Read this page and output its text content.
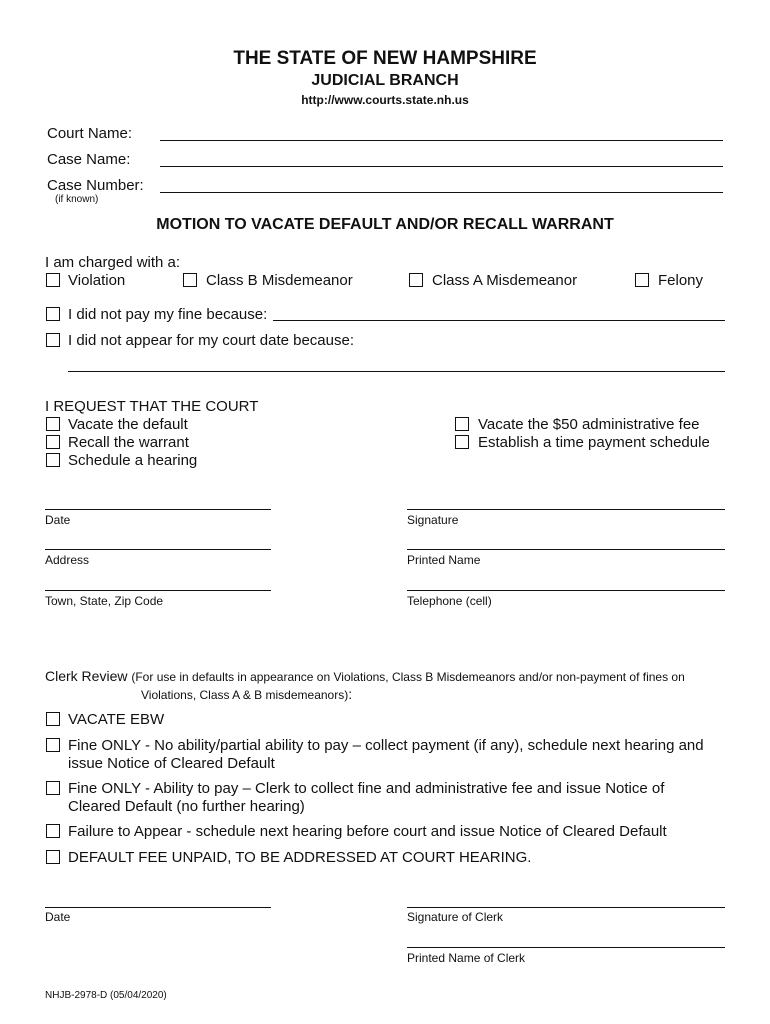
THE STATE OF NEW HAMPSHIRE
JUDICIAL BRANCH
http://www.courts.state.nh.us
Court Name:
Case Name:
Case Number:
(if known)
MOTION TO VACATE DEFAULT AND/OR RECALL WARRANT
I am charged with a:
Violation	Class B Misdemeanor	Class A Misdemeanor	Felony
I did not pay my fine because:
I did not appear for my court date because:
I REQUEST THAT THE COURT
Vacate the default
Recall the warrant
Schedule a hearing
Vacate the $50 administrative fee
Establish a time payment schedule
Date	Signature
Address	Printed Name
Town, State, Zip Code	Telephone (cell)
Clerk Review (For use in defaults in appearance on Violations, Class B Misdemeanors and/or non-payment of fines on
Violations, Class A & B misdemeanors):
VACATE EBW
Fine ONLY - No ability/partial ability to pay – collect payment (if any), schedule next hearing and
issue Notice of Cleared Default
Fine ONLY - Ability to pay – Clerk to collect fine and administrative fee and issue Notice of
Cleared Default (no further hearing)
Failure to Appear - schedule next hearing before court and issue Notice of Cleared Default
DEFAULT FEE UNPAID, TO BE ADDRESSED AT COURT HEARING.
Date	Signature of Clerk
Printed Name of Clerk
NHJB-2978-D (05/04/2020)
